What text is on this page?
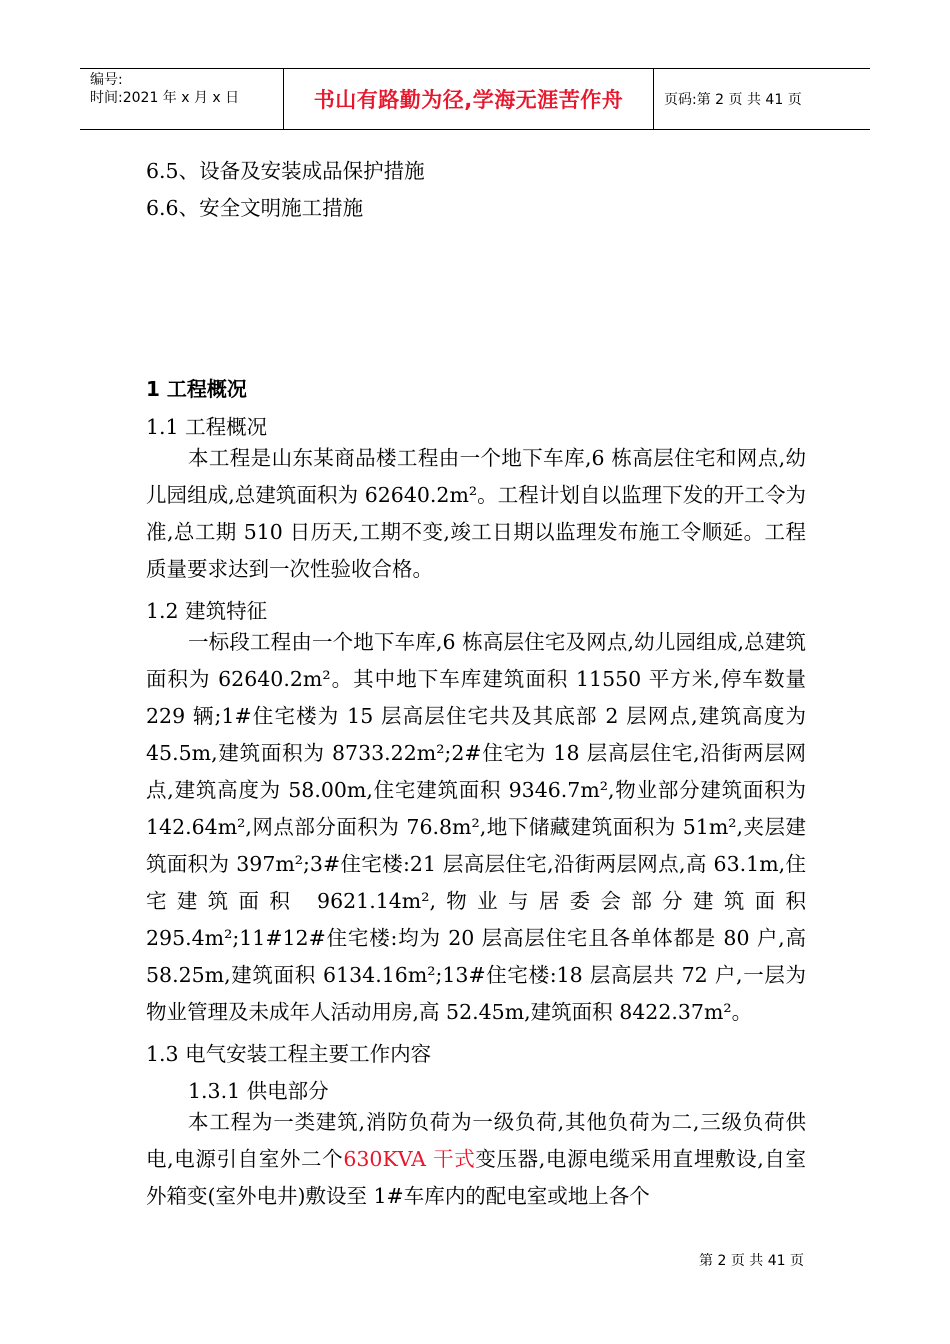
编号:
时间:2021 年 x 月 x 日	书山有路勤为径,学海无涯苦作舟	页码:第 2 页 共 41 页
6.5、设备及安装成品保护措施
6.6、安全文明施工措施
1 工程概况
1.1 工程概况
本工程是山东某商品楼工程由一个地下车库,6 栋高层住宅和网点,幼儿园组成,总建筑面积为 62640.2m²。工程计划自以监理下发的开工令为准,总工期 510 日历天,工期不变,竣工日期以监理发布施工令顺延。工程质量要求达到一次性验收合格。
1.2 建筑特征
一标段工程由一个地下车库,6 栋高层住宅及网点,幼儿园组成,总建筑面积为 62640.2m²。其中地下车库建筑面积 11550 平方米,停车数量 229 辆;1#住宅楼为 15 层高层住宅共及其底部 2 层网点,建筑高度为 45.5m,建筑面积为 8733.22m²;2#住宅为 18 层高层住宅,沿街两层网点,建筑高度为 58.00m,住宅建筑面积 9346.7m²,物业部分建筑面积为 142.64m²,网点部分面积为 76.8m²,地下储藏建筑面积为 51m²,夹层建筑面积为 397m²;3#住宅楼:21 层高层住宅,沿街两层网点,高 63.1m,住宅建筑面积 9621.14m²,物业与居委会部分建筑面积 295.4m²;11#12#住宅楼:均为 20 层高层住宅且各单体都是 80 户,高 58.25m,建筑面积 6134.16m²;13#住宅楼:18 层高层共 72 户,一层为物业管理及未成年人活动用房,高 52.45m,建筑面积 8422.37m²。
1.3 电气安装工程主要工作内容
1.3.1 供电部分
本工程为一类建筑,消防负荷为一级负荷,其他负荷为二,三级负荷供电,电源引自室外二个630KVA 干式变压器,电源电缆采用直埋敷设,自室外箱变(室外电井)敷设至 1#车库内的配电室或地上各个
第 2 页 共 41 页
